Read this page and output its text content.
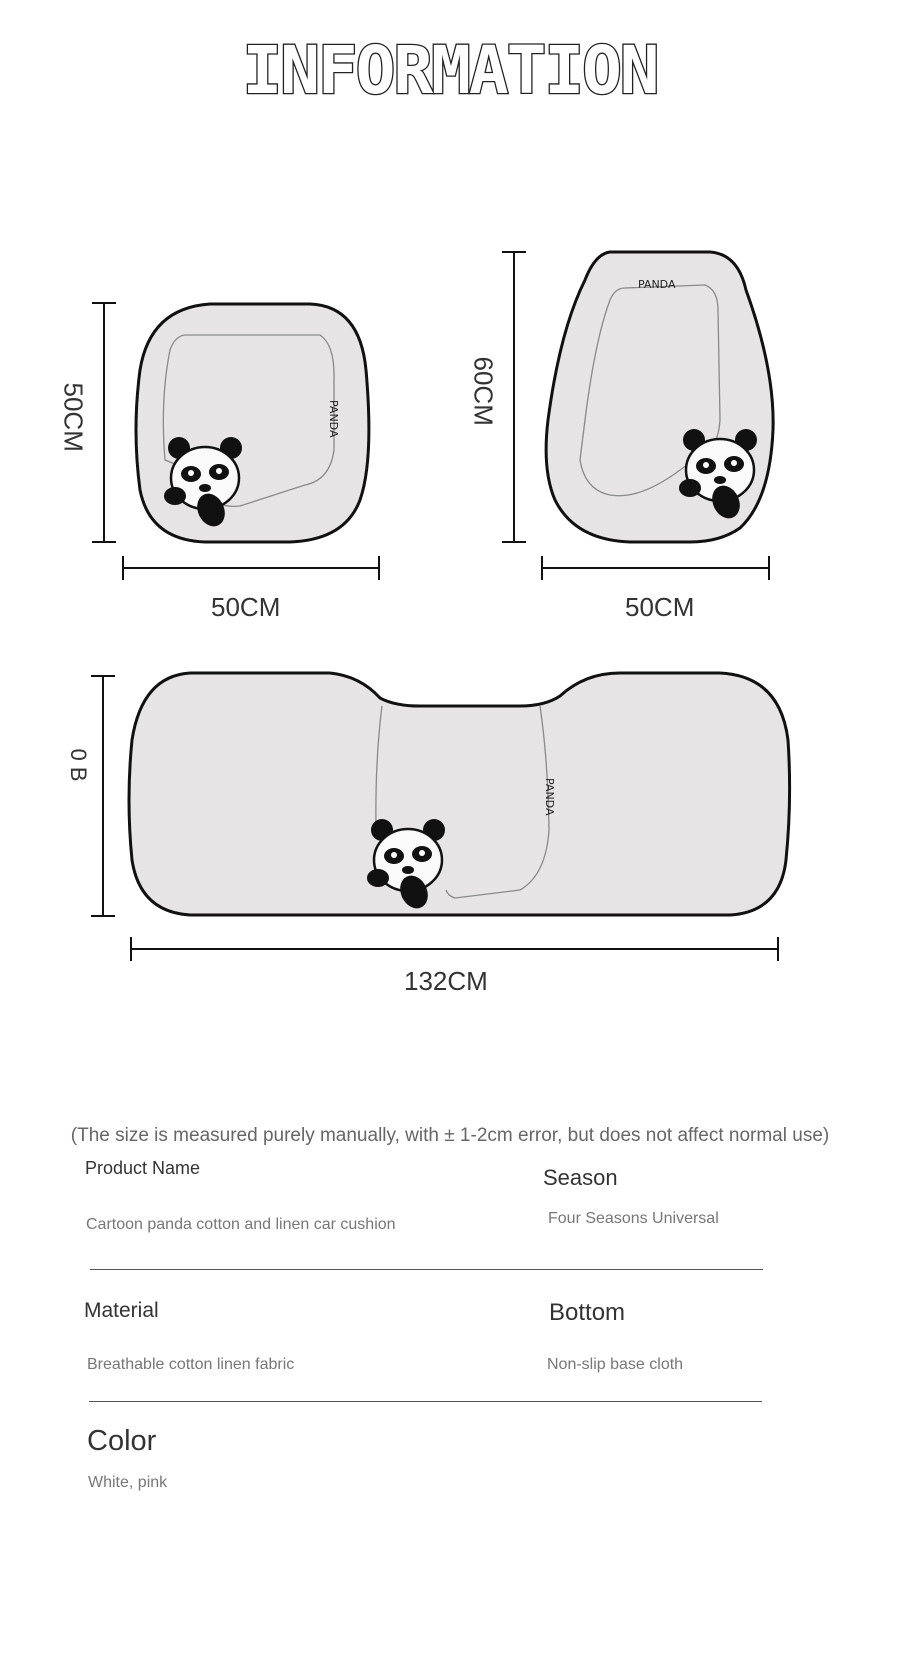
INFORMATION
PANDA
PANDA
PANDA
50CM
50CM
60CM
50CM
0 B
132CM
(The size is measured purely manually, with ± 1-2cm error, but does not affect normal use)
Product Name
Cartoon panda cotton and linen car cushion
Season
Four Seasons Universal
Material
Breathable cotton linen fabric
Bottom
Non-slip base cloth
Color
White, pink
